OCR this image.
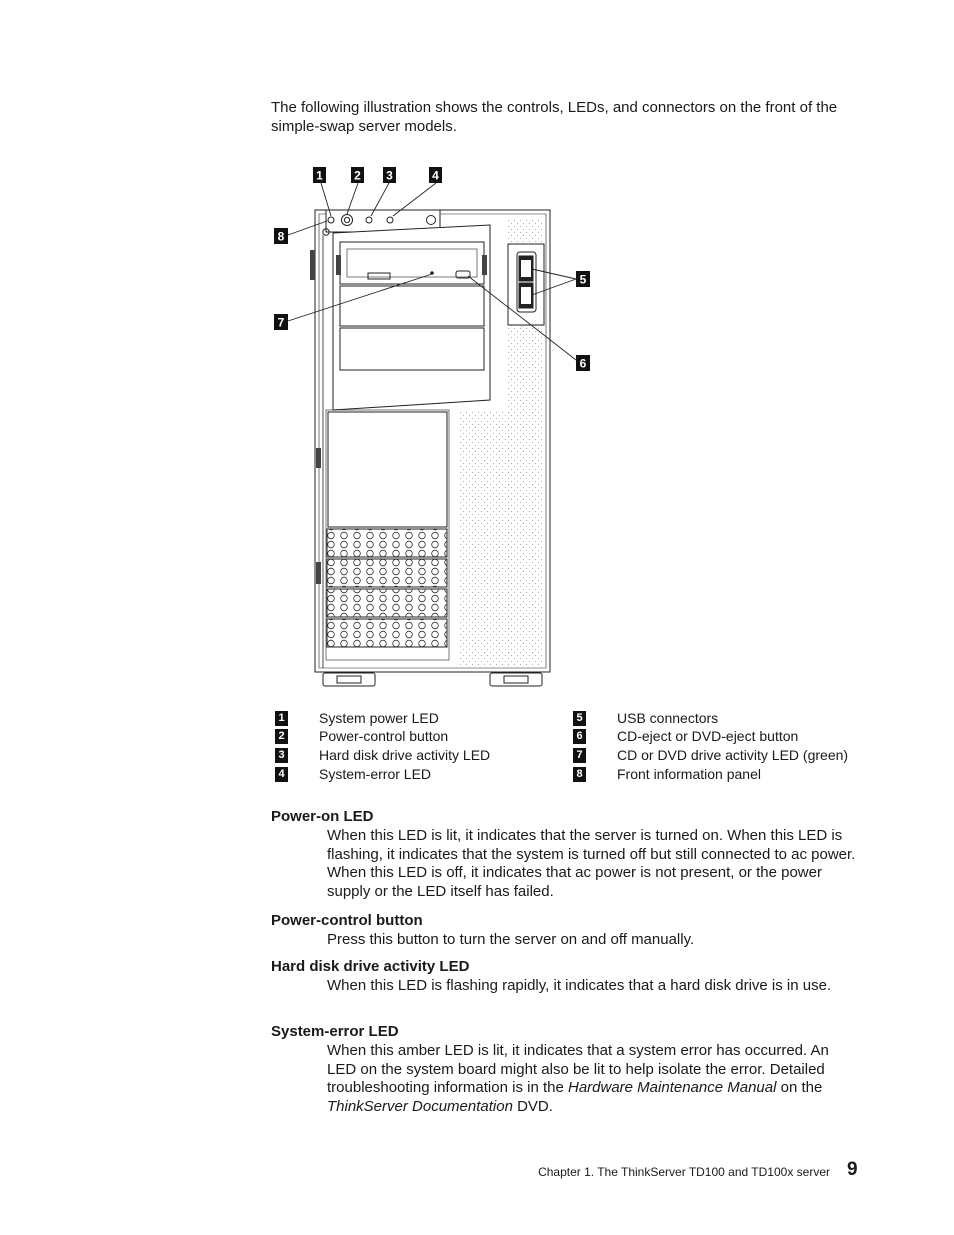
The following illustration shows the controls, LEDs, and connectors on the front of the simple-swap server models.

1	2 3	4
5
6
7
8
1 System power LED
2 Power-control button
3 Hard disk drive activity LED
4 System-error LED
5 USB connectors
6 CD-eject or DVD-eject button
7 CD or DVD drive activity LED (green)
8 Front information panel
Power-on LED
When this LED is lit, it indicates that the server is turned on. When this LED is flashing, it indicates that the system is turned off but still connected to ac power. When this LED is off, it indicates that ac power is not present, or the power supply or the LED itself has failed.
Power-control button
Press this button to turn the server on and off manually.
Hard disk drive activity LED
When this LED is flashing rapidly, it indicates that a hard disk drive is in use.
System-error LED
When this amber LED is lit, it indicates that a system error has occurred. An LED on the system board might also be lit to help isolate the error. Detailed troubleshooting information is in the Hardware Maintenance Manual on the ThinkServer Documentation DVD.
Chapter 1. The ThinkServer TD100 and TD100x server 9
